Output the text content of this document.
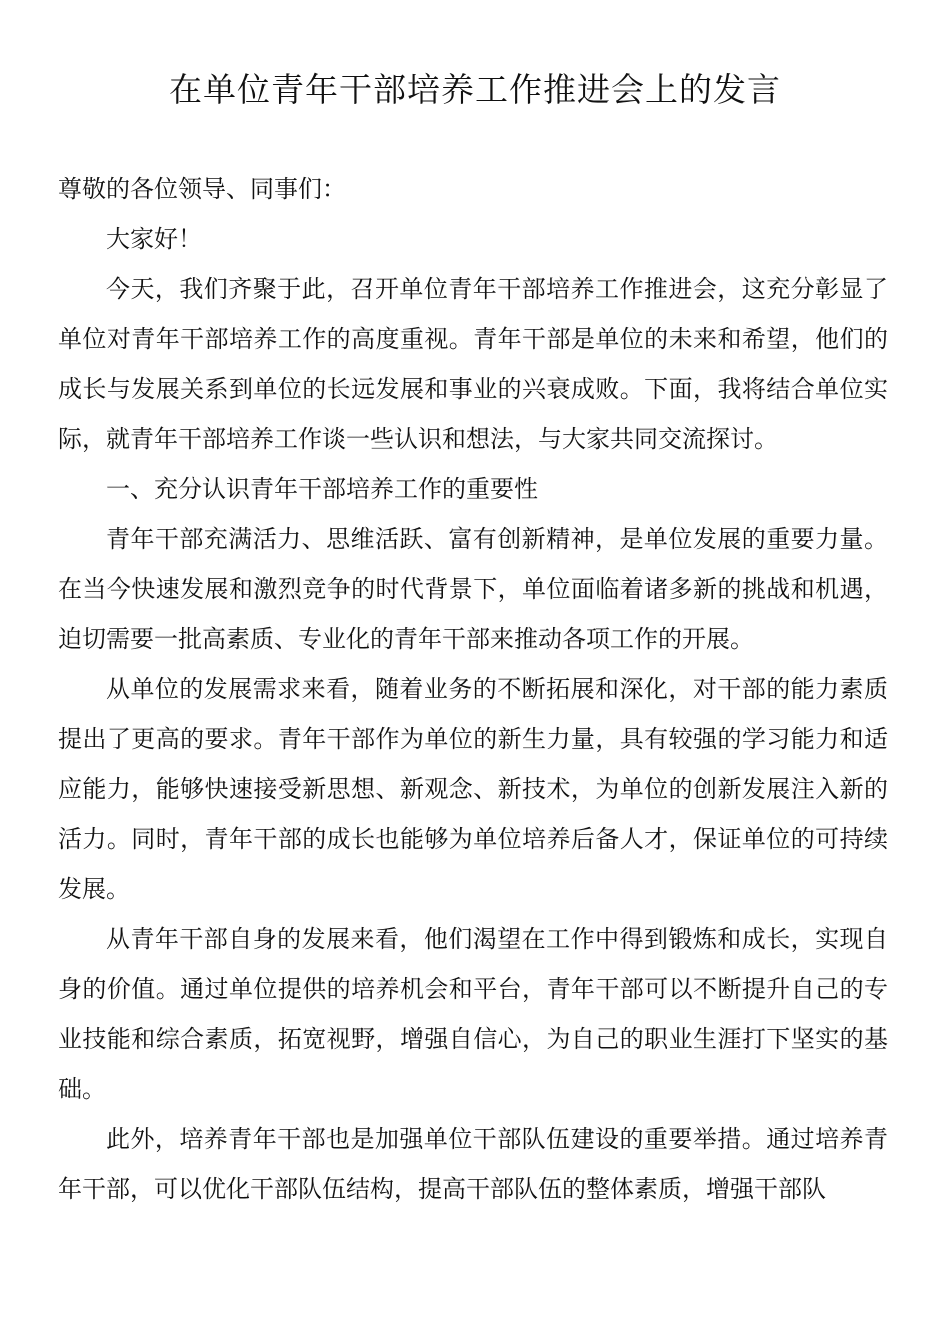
在单位青年干部培养工作推进会上的发言

尊敬的各位领导、同事们：

大家好！

今天，我们齐聚于此，召开单位青年干部培养工作推进会，这充分彰显了单位对青年干部培养工作的高度重视。青年干部是单位的未来和希望，他们的成长与发展关系到单位的长远发展和事业的兴衰成败。下面，我将结合单位实际，就青年干部培养工作谈一些认识和想法，与大家共同交流探讨。

一、充分认识青年干部培养工作的重要性

青年干部充满活力、思维活跃、富有创新精神，是单位发展的重要力量。在当今快速发展和激烈竞争的时代背景下，单位面临着诸多新的挑战和机遇，迫切需要一批高素质、专业化的青年干部来推动各项工作的开展。

从单位的发展需求来看，随着业务的不断拓展和深化，对干部的能力素质提出了更高的要求。青年干部作为单位的新生力量，具有较强的学习能力和适应能力，能够快速接受新思想、新观念、新技术，为单位的创新发展注入新的活力。同时，青年干部的成长也能够为单位培养后备人才，保证单位的可持续发展。

从青年干部自身的发展来看，他们渴望在工作中得到锻炼和成长，实现自身的价值。通过单位提供的培养机会和平台，青年干部可以不断提升自己的专业技能和综合素质，拓宽视野，增强自信心，为自己的职业生涯打下坚实的基础。

此外，培养青年干部也是加强单位干部队伍建设的重要举措。通过培养青年干部，可以优化干部队伍结构，提高干部队伍的整体素质，增强干部队
